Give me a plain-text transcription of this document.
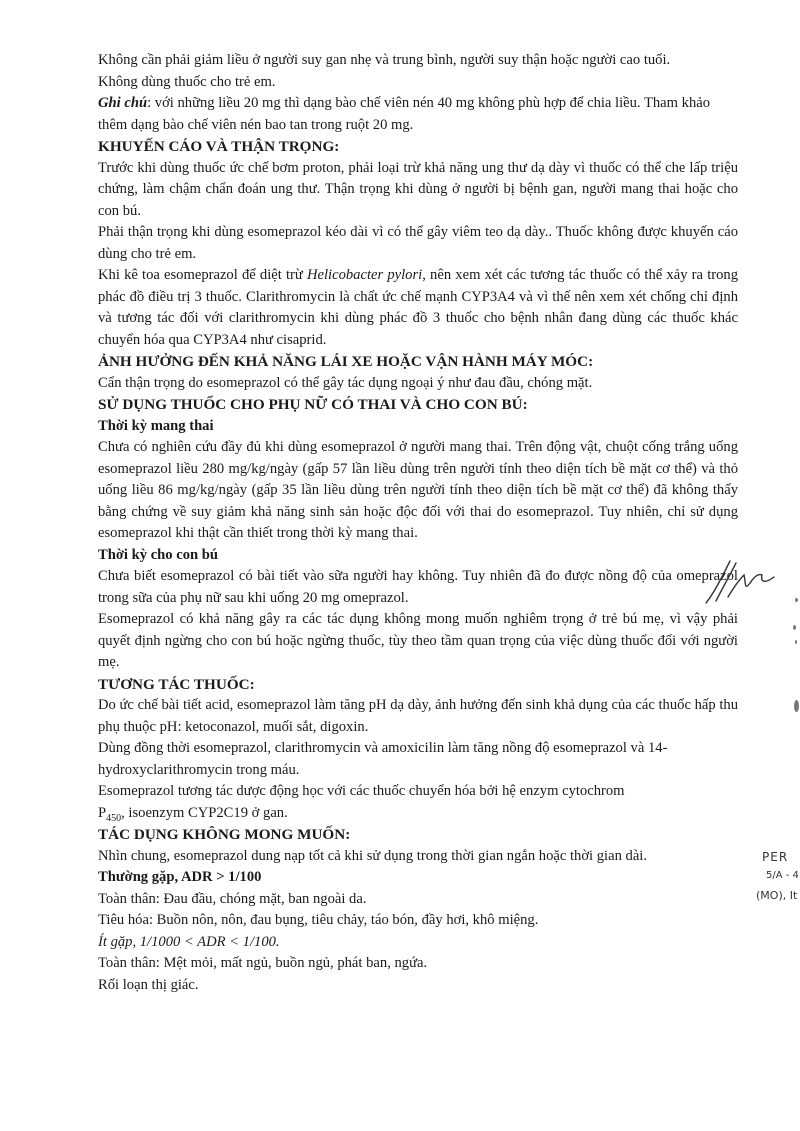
Không cần phải giảm liều ở người suy gan nhẹ và trung bình, người suy thận hoặc người cao tuổi.

Không dùng thuốc cho trẻ em.

Ghi chú: với những liều 20 mg thì dạng bào chế viên nén 40 mg không phù hợp để chia liều. Tham khảo thêm dạng bào chế viên nén bao tan trong ruột 20 mg.

KHUYẾN CÁO VÀ THẬN TRỌNG:

Trước khi dùng thuốc ức chế bơm proton, phải loại trừ khả năng ung thư dạ dày vì thuốc có thể che lấp triệu chứng, làm chậm chẩn đoán ung thư. Thận trọng khi dùng ở người bị bệnh gan, người mang thai hoặc cho con bú.

Phải thận trọng khi dùng esomeprazol kéo dài vì có thể gây viêm teo dạ dày.. Thuốc không được khuyến cáo dùng cho trẻ em.

Khi kê toa esomeprazol để diệt trừ Helicobacter pylori, nên xem xét các tương tác thuốc có thể xảy ra trong phác đồ điều trị 3 thuốc. Clarithromycin là chất ức chế mạnh CYP3A4 và vì thế nên xem xét chống chỉ định và tương tác đối với clarithromycin khi dùng phác đồ 3 thuốc cho bệnh nhân đang dùng các thuốc khác chuyển hóa qua CYP3A4 như cisaprid.

ẢNH HƯỞNG ĐẾN KHẢ NĂNG LÁI XE HOẶC VẬN HÀNH MÁY MÓC:

Cẩn thận trọng do esomeprazol có thể gây tác dụng ngoại ý như đau đầu, chóng mặt.

SỬ DỤNG THUỐC CHO PHỤ NỮ CÓ THAI VÀ CHO CON BÚ:
Thời kỳ mang thai

Chưa có nghiên cứu đầy đủ khi dùng esomeprazol ở người mang thai. Trên động vật, chuột cống trắng uống esomeprazol liều 280 mg/kg/ngày (gấp 57 lần liều dùng trên người tính theo diện tích bề mặt cơ thể) và thỏ uống liều 86 mg/kg/ngày (gấp 35 lần liều dùng trên người tính theo diện tích bề mặt cơ thể) đã không thấy bằng chứng về suy giảm khả năng sinh sản hoặc độc đối với thai do esomeprazol. Tuy nhiên, chỉ sử dụng esomeprazol khi thật cần thiết trong thời kỳ mang thai.

Thời kỳ cho con bú

Chưa biết esomeprazol có bài tiết vào sữa người hay không. Tuy nhiên đã đo được nồng độ của omeprazol trong sữa của phụ nữ sau khi uống 20 mg omeprazol.

Esomeprazol có khả năng gây ra các tác dụng không mong muốn nghiêm trọng ở trẻ bú mẹ, vì vậy phải quyết định ngừng cho con bú hoặc ngừng thuốc, tùy theo tầm quan trọng của việc dùng thuốc đối với người mẹ.

TƯƠNG TÁC THUỐC:

Do ức chế bài tiết acid, esomeprazol làm tăng pH dạ dày, ảnh hưởng đến sinh khả dụng của các thuốc hấp thu phụ thuộc pH: ketoconazol, muối sắt, digoxin.

Dùng đồng thời esomeprazol, clarithromycin và amoxicilin làm tăng nồng độ esomeprazol và 14-hydroxyclarithromycin trong máu.

Esomeprazol tương tác dược động học với các thuốc chuyển hóa bởi hệ enzym cytochrom

$P_{450}$, isoenzym CYP2C19 ở gan.

TÁC DỤNG KHÔNG MONG MUỐN:

Nhìn chung, esomeprazol dung nạp tốt cả khi sử dụng trong thời gian ngắn hoặc thời gian dài.

Thường gặp, ADR > 1/100

Toàn thân: Đau đầu, chóng mặt, ban ngoài da.

Tiêu hóa: Buồn nôn, nôn, đau bụng, tiêu chảy, táo bón, đầy hơi, khô miệng.

Ít gặp, 1/1000 < ADR < 1/100.

Toàn thân: Mệt mỏi, mất ngủ, buồn ngủ, phát ban, ngứa.

Rối loạn thị giác.

PER
5/A - 4
(MO), It
